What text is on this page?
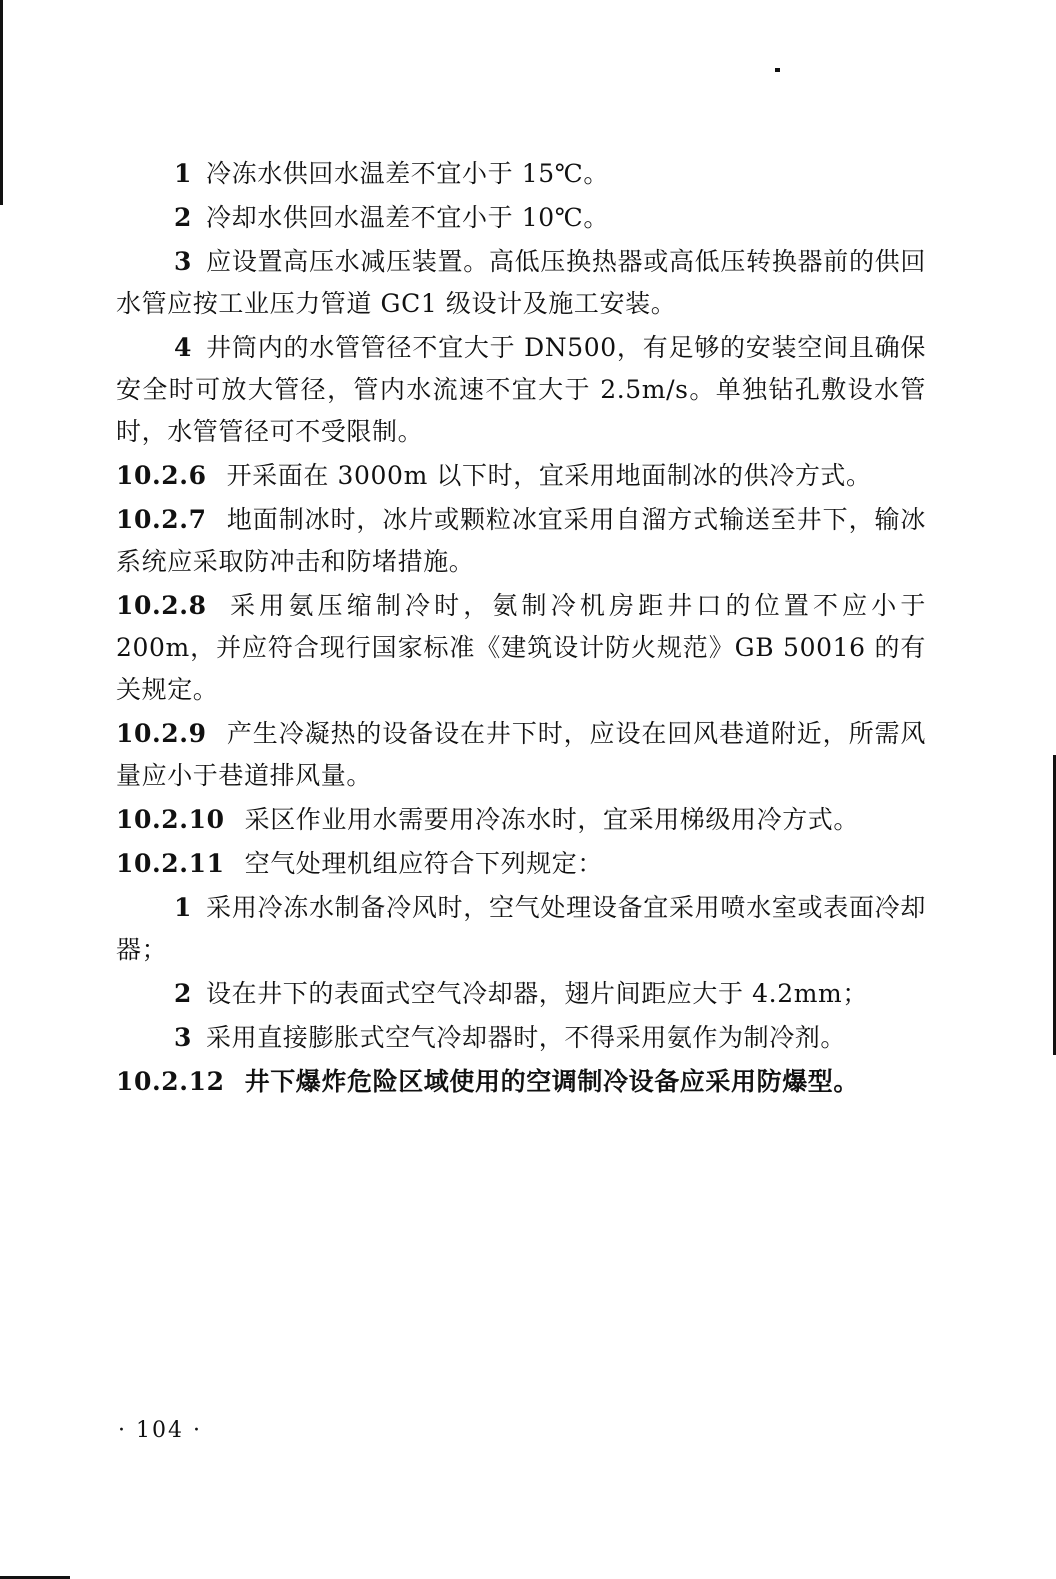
1 冷冻水供回水温差不宜小于 15℃。

2 冷却水供回水温差不宜小于 10℃。

3 应设置高压水减压装置。高低压换热器或高低压转换器前的供回水管应按工业压力管道 GC1 级设计及施工安装。

4 井筒内的水管管径不宜大于 DN500，有足够的安装空间且确保安全时可放大管径，管内水流速不宜大于 2.5m/s。单独钻孔敷设水管时，水管管径可不受限制。

10.2.6 开采面在 3000m 以下时，宜采用地面制冰的供冷方式。

10.2.7 地面制冰时，冰片或颗粒冰宜采用自溜方式输送至井下，输冰系统应采取防冲击和防堵措施。

10.2.8 采用氨压缩制冷时，氨制冷机房距井口的位置不应小于200m，并应符合现行国家标准《建筑设计防火规范》GB 50016 的有关规定。

10.2.9 产生冷凝热的设备设在井下时，应设在回风巷道附近，所需风量应小于巷道排风量。

10.2.10 采区作业用水需要用冷冻水时，宜采用梯级用冷方式。

10.2.11 空气处理机组应符合下列规定：

1 采用冷冻水制备冷风时，空气处理设备宜采用喷水室或表面冷却器；

2 设在井下的表面式空气冷却器，翅片间距应大于 4.2mm；

3 采用直接膨胀式空气冷却器时，不得采用氨作为制冷剂。

10.2.12 井下爆炸危险区域使用的空调制冷设备应采用防爆型。

· 104 ·
